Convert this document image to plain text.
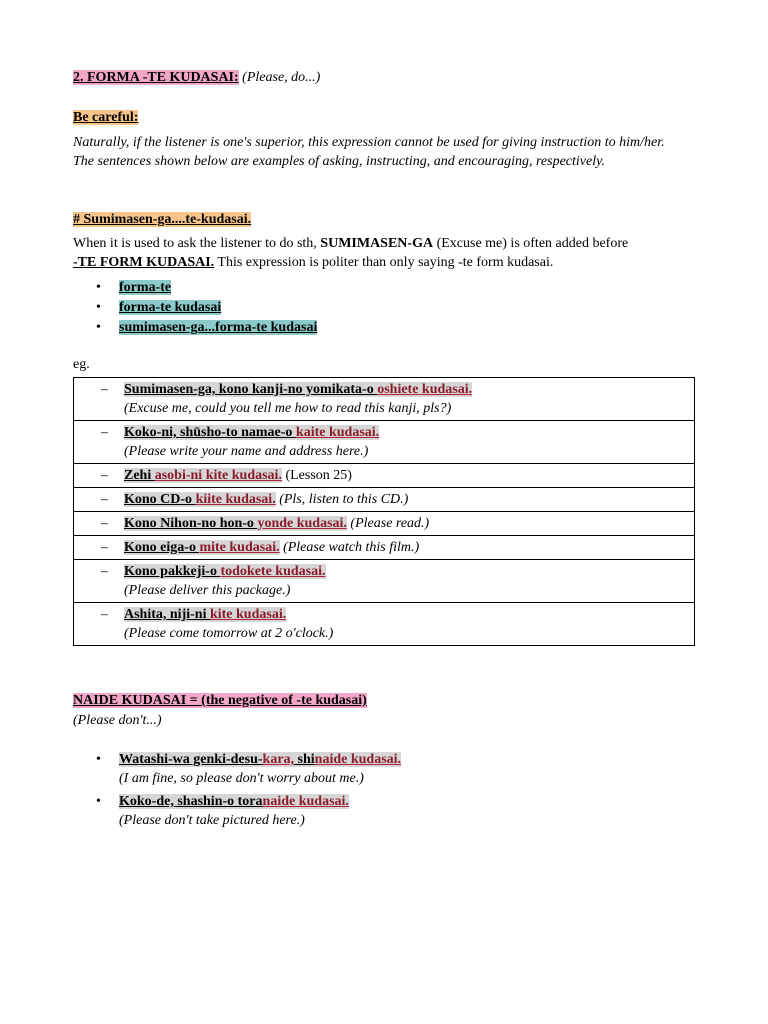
2. FORMA -TE KUDASAI: (Please, do...)
Be careful:
Naturally, if the listener is one's superior, this expression cannot be used for giving instruction to him/her. The sentences shown below are examples of asking, instructing, and encouraging, respectively.
# Sumimasen-ga....te-kudasai.
When it is used to ask the listener to do sth, SUMIMASEN-GA (Excuse me) is often added before
-TE FORM KUDASAI. This expression is politer than only saying -te form kudasai.
• forma-te
• forma-te kudasai
• sumimasen-ga...forma-te kudasai
eg.
– Sumimasen-ga, kono kanji-no yomikata-o oshiete kudasai.
(Excuse me, could you tell me how to read this kanji, pls?)

– Koko-ni, shūsho-to namae-o kaite kudasai.
(Please write your name and address here.)

– Zehi asobi-ni kite kudasai. (Lesson 25)

– Kono CD-o kiite kudasai. (Pls, listen to this CD.)

– Kono Nihon-no hon-o yonde kudasai. (Please read.)

– Kono eiga-o mite kudasai. (Please watch this film.)

– Kono pakkeji-o todokete kudasai.
(Please deliver this package.)

– Ashita, niji-ni kite kudasai.
(Please come tomorrow at 2 o'clock.)
NAIDE KUDASAI = (the negative of -te kudasai)
(Please don't...)
• Watashi-wa genki-desu-kara, shinaide kudasai.
(I am fine, so please don't worry about me.)
• Koko-de, shashin-o toranaide kudasai.
(Please don't take pictured here.)
